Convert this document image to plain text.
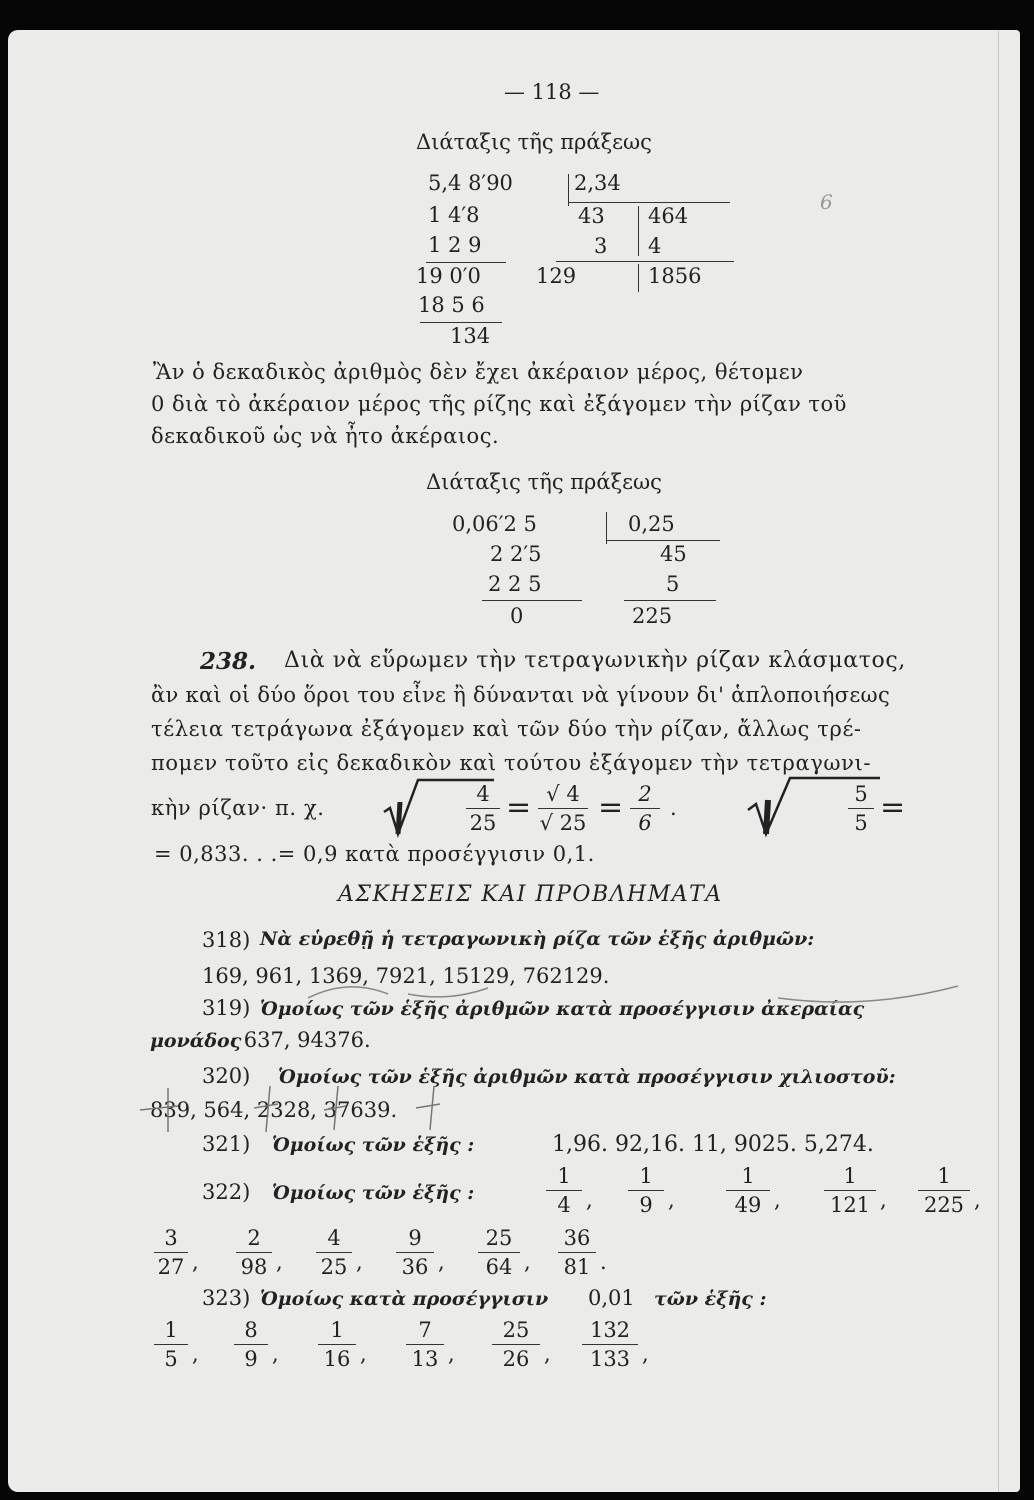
— 118 —
Διάταξις τῆς πράξεως
5,4 8′90
1 4′8
1 2 9
19 0′0
18 5 6
134
2,34
43 464
3 4
129	1856
Ἂν ὁ δεκαδικὸς ἀριθμὸς δὲν ἔχει ἀκέραιον μέρος, θέτομεν
0 διὰ τὸ ἀκέραιον μέρος τῆς ρίζης καὶ ἐξάγομεν τὴν ρίζαν τοῦ
δεκαδικοῦ ὡς νὰ ἦτο ἀκέραιος.
Διάταξις τῆς πράξεως
0,06′2 5
2 2′5
2 2 5
0
0,25
45
5
225
238. Διὰ νὰ εὕρωμεν τὴν τετραγωνικὴν ρίζαν κλάσματος,
ἂν καὶ οἱ δύο ὅροι του εἶνε ἢ δύνανται νὰ γίνουν δι' ἁπλοποιήσεως
τέλεια τετράγωνα ἐξάγομεν καὶ τῶν δύο τὴν ρίζαν, ἄλλως τρέ-
πομεν τοῦτο εἰς δεκαδικὸν καὶ τούτου ἐξάγομεν τὴν τετραγωνι-
κὴν ρίζαν· π. χ.
4
25 = √ 4
√ 25 = 2
6
.
5
5 =
= 0,833. . .= 0,9 κατὰ προσέγγισιν 0,1.
ΑΣΚΗΣΕΙΣ ΚΑΙ ΠΡΟΒΛΗΜΑΤΑ
318) Νὰ εὑρεθῇ ἡ τετραγωνικὴ ρίζα τῶν ἑξῆς ἀριθμῶν:
169, 961, 1369, 7921, 15129, 762129.
319) Ὁμοίως τῶν ἑξῆς ἀριθμῶν κατὰ προσέγγισιν ἀκεραίας
μονάδος
: 637, 94376.
320) Ὁμοίως τῶν ἑξῆς ἀριθμῶν κατὰ προσέγγισιν χιλιοστοῦ:
839, 564, 2328, 37639.
321) Ὁμοίως τῶν ἑξῆς :	1,96. 92,16. 11, 9025. 5,274.
322) Ὁμοίως τῶν ἑξῆς :
1
4 ,
1
9 ,
1
49 ,
1
121 ,
1
225 ,
3
27 ,
2
98 ,
4
25 ,
9
36 ,
25
64 ,
36
81 .
323) Ὁμοίως κατὰ προσέγγισιν 0,01 τῶν ἑξῆς :
1
5 ,
8
9 ,
1
16 ,
7
13 ,
25
26 ,
132
133 ,
6
